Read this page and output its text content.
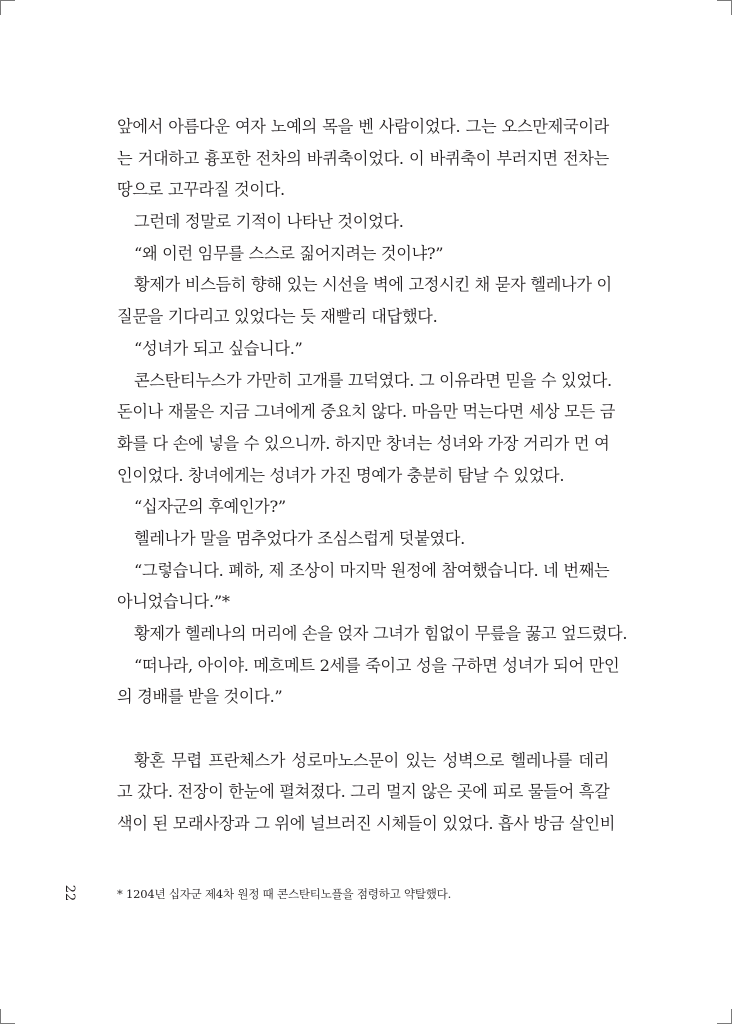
앞에서 아름다운 여자 노예의 목을 벤 사람이었다. 그는 오스만제국이라
는 거대하고 흉포한 전차의 바퀴축이었다. 이 바퀴축이 부러지면 전차는
땅으로 고꾸라질 것이다.
그런데 정말로 기적이 나타난 것이었다.
“왜 이런 임무를 스스로 짊어지려는 것이냐?”
황제가 비스듬히 향해 있는 시선을 벽에 고정시킨 채 묻자 헬레나가 이
질문을 기다리고 있었다는 듯 재빨리 대답했다.
“성녀가 되고 싶습니다.”
콘스탄티누스가 가만히 고개를 끄덕였다. 그 이유라면 믿을 수 있었다.
돈이나 재물은 지금 그녀에게 중요치 않다. 마음만 먹는다면 세상 모든 금
화를 다 손에 넣을 수 있으니까. 하지만 창녀는 성녀와 가장 거리가 먼 여
인이었다. 창녀에게는 성녀가 가진 명예가 충분히 탐날 수 있었다.
“십자군의 후예인가?”
헬레나가 말을 멈추었다가 조심스럽게 덧붙였다.
“그렇습니다. 폐하, 제 조상이 마지막 원정에 참여했습니다. 네 번째는
아니었습니다.”*
황제가 헬레나의 머리에 손을 얹자 그녀가 힘없이 무릎을 꿇고 엎드렸다.
“떠나라, 아이야. 메흐메트 2세를 죽이고 성을 구하면 성녀가 되어 만인
의 경배를 받을 것이다.”
황혼 무렵 프란체스가 성로마노스문이 있는 성벽으로 헬레나를 데리
고 갔다. 전장이 한눈에 펼쳐졌다. 그리 멀지 않은 곳에 피로 물들어 흑갈
색이 된 모래사장과 그 위에 널브러진 시체들이 있었다. 흡사 방금 살인비
22	* 1204년 십자군 제4차 원정 때 콘스탄티노플을 점령하고 약탈했다.
